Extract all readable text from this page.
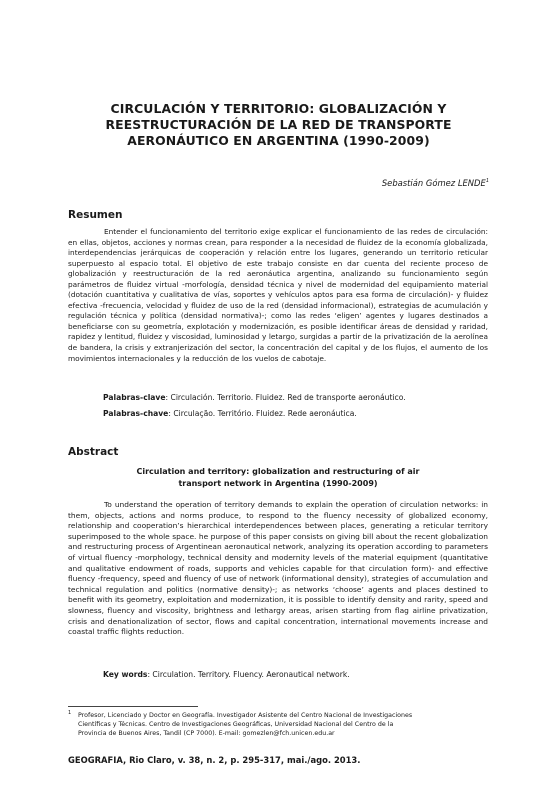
CIRCULACIÓN Y TERRITORIO: GLOBALIZACIÓN Y
REESTRUCTURACIÓN DE LA RED DE TRANSPORTE
AERONÁUTICO EN ARGENTINA (1990-2009)
Sebastián Gómez LENDE$^1$
Resumen

Entender el funcionamiento del territorio exige explicar el funcionamiento de las redes de circulación: en ellas, objetos, acciones y normas crean, para responder a la necesidad de fluidez de la economía globalizada, interdependencias jerárquicas de cooperación y relación entre los lugares, generando un territorio reticular superpuesto al espacio total. El objetivo de este trabajo consiste en dar cuenta del reciente proceso de globalización y reestructuración de la red aeronáutica argentina, analizando su funcionamiento según parámetros de fluidez virtual -morfología, densidad técnica y nivel de modernidad del equipamiento material (dotación cuantitativa y cualitativa de vías, soportes y vehículos aptos para esa forma de circulación)- y fluidez efectiva -frecuencia, velocidad y fluidez de uso de la red (densidad informacional), estrategias de acumulación y regulación técnica y política (densidad normativa)-; como las redes ‘eligen’ agentes y lugares destinados a beneficiarse con su geometría, explotación y modernización, es posible identificar áreas de densidad y raridad, rapidez y lentitud, fluidez y viscosidad, luminosidad y letargo, surgidas a partir de la privatización de la aerolínea de bandera, la crisis y extranjerización del sector, la concentración del capital y de los flujos, el aumento de los movimientos internacionales y la reducción de los vuelos de cabotaje.

Palabras-clave: Circulación. Territorio. Fluidez. Red de transporte aeronáutico.
Palabras-chave: Circulação. Território. Fluidez. Rede aeronáutica.
Abstract
Circulation and territory: globalization and restructuring of air
transport network in Argentina (1990-2009)

To understand the operation of territory demands to explain the operation of circulation networks: in them, objects, actions and norms produce, to respond to the fluency necessity of globalized economy, relationship and cooperation’s hierarchical interdependences between places, generating a reticular territory superimposed to the whole space. he purpose of this paper consists on giving bill about the recent globalization and restructuring process of Argentinean aeronautical network, analyzing its operation according to parameters of virtual fluency -morphology, technical density and modernity levels of the material equipment (quantitative and qualitative endowment of roads, supports and vehicles capable for that circulation form)- and effective fluency -frequency, speed and fluency of use of network (informational density), strategies of accumulation and technical regulation and politics (normative density)-; as networks ‘choose’ agents and places destined to benefit with its geometry, exploitation and modernization, it is possible to identify density and rarity, speed and slowness, fluency and viscosity, brightness and lethargy areas, arisen starting from flag airline privatization, crisis and denationalization of sector, flows and capital concentration, international movements increase and coastal traffic flights reduction.

Key words: Circulation. Territory. Fluency. Aeronautical network.
1 Profesor, Licenciado y Doctor en Geografía. Investigador Asistente del Centro Nacional de Investigaciones
Científicas y Técnicas. Centro de Investigaciones Geográficas, Universidad Nacional del Centro de la
Provincia de Buenos Aires, Tandil (CP 7000). E-mail: gomezlen@fch.unicen.edu.ar
GEOGRAFIA, Rio Claro, v. 38, n. 2, p. 295-317, mai./ago. 2013.
